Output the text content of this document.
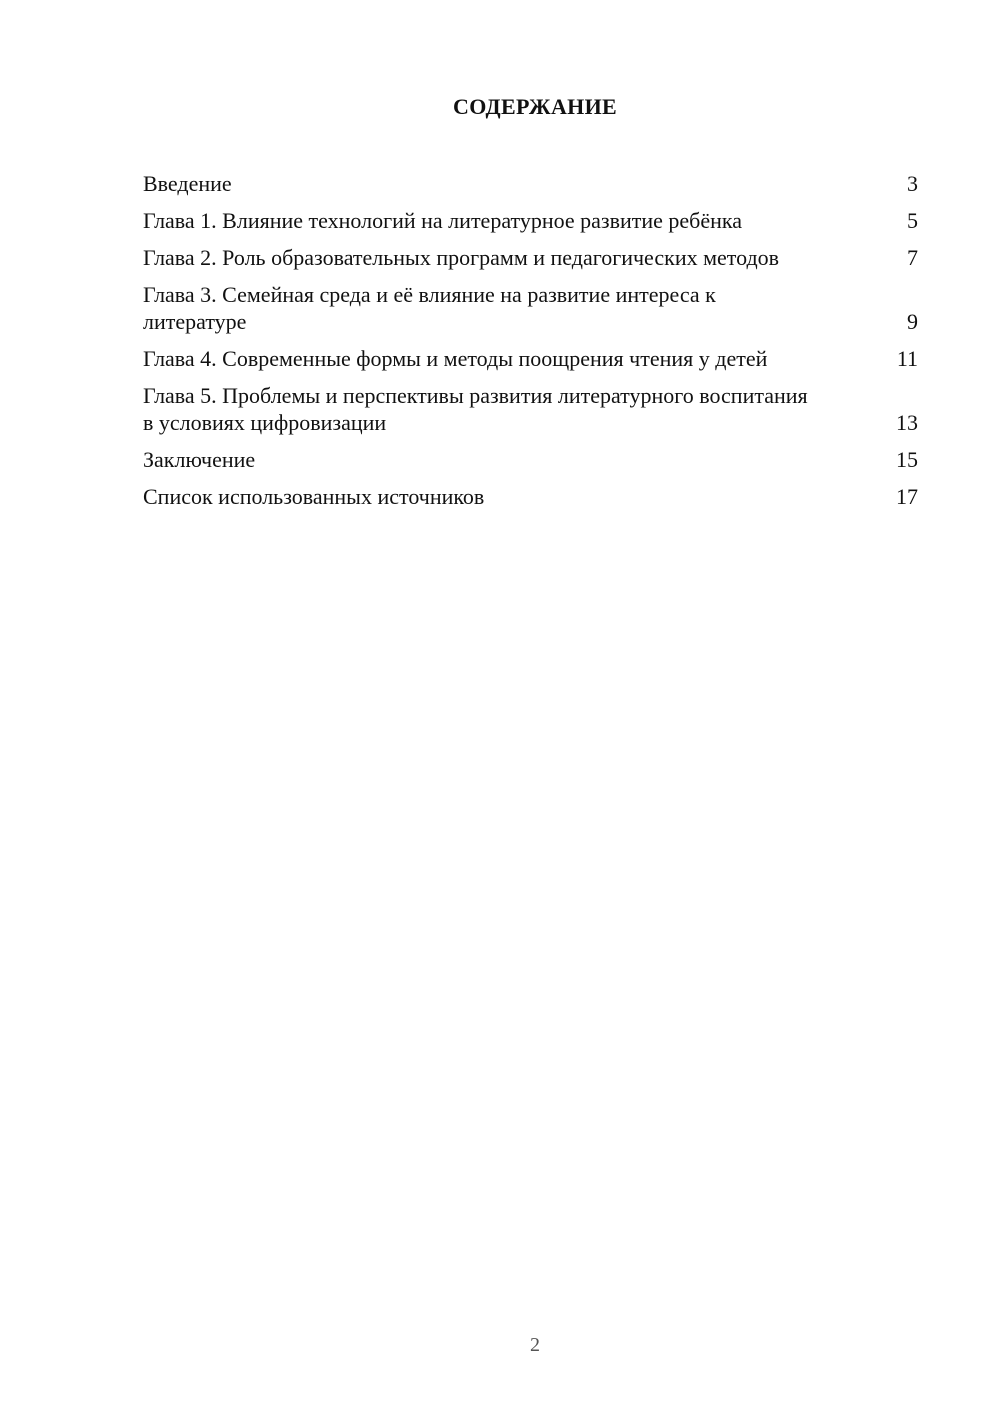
СОДЕРЖАНИЕ
Введение	3
Глава 1. Влияние технологий на литературное развитие ребёнка	5
Глава 2. Роль образовательных программ и педагогических методов	7
Глава 3. Семейная среда и её влияние на развитие интереса к литературе	9
Глава 4. Современные формы и методы поощрения чтения у детей	11
Глава 5. Проблемы и перспективы развития литературного воспитания в условиях цифровизации	13
Заключение	15
Список использованных источников	17
2
